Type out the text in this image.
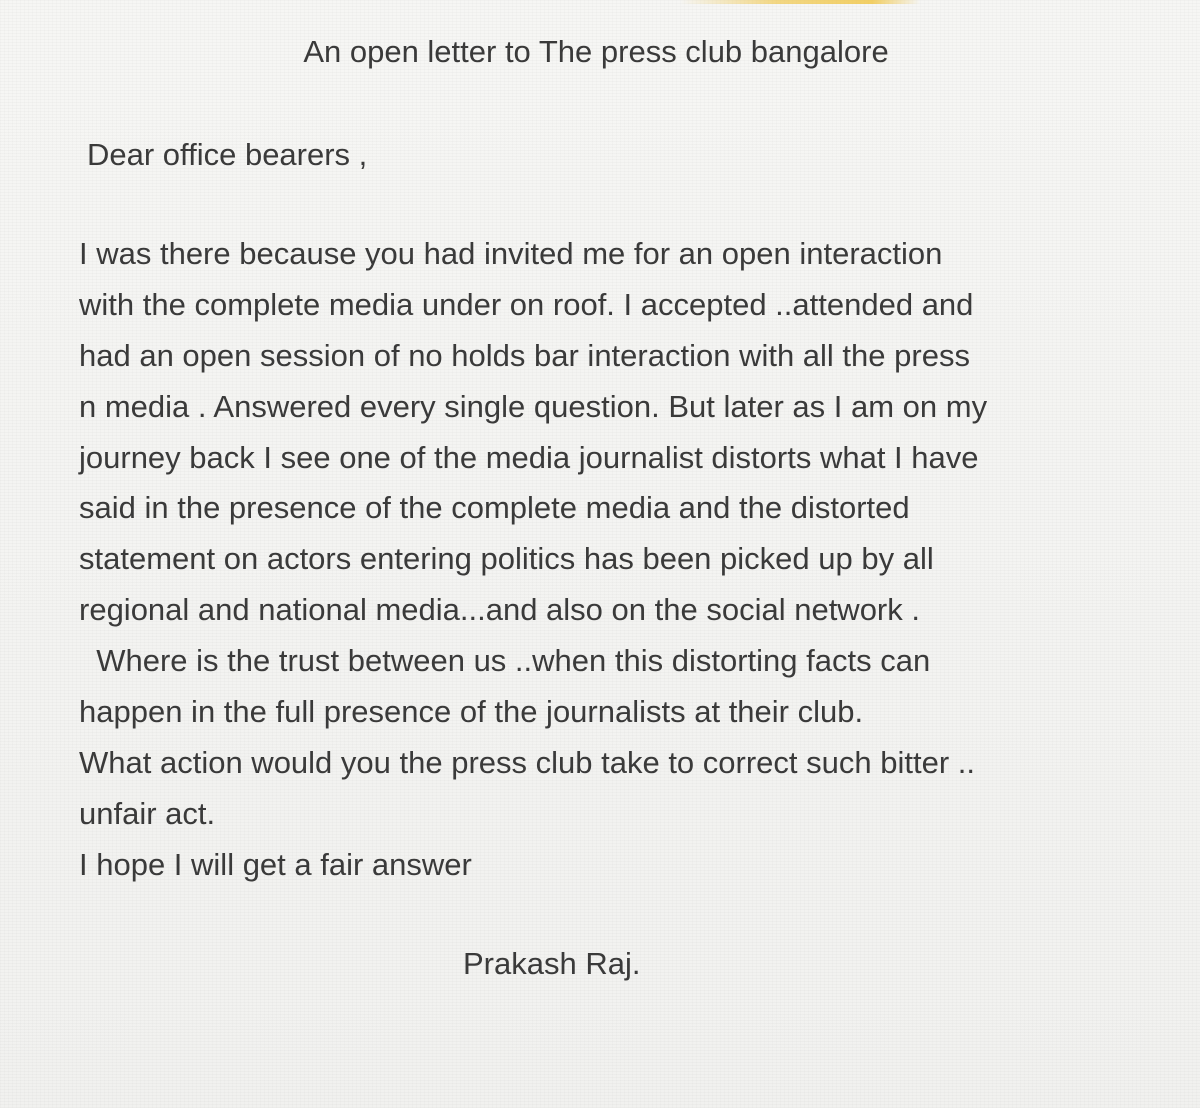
An open letter to The press club bangalore
Dear office bearers ,
I was there because you had invited me for an open interaction
with the complete media under on roof. I accepted ..attended and
had an open session of no holds bar interaction with all the press
n media . Answered every single question. But later as I am on my
journey back I see one of the media journalist distorts what I have
said in the presence of the complete media and the distorted
statement on actors entering politics has been picked up by all
regional and national media...and also on the social network .
Where is the trust between us ..when this distorting facts can
happen in the full presence of the journalists at their club.
What action would you the press club take to correct such bitter ..
unfair act.
I hope I will get a fair answer
Prakash Raj.
